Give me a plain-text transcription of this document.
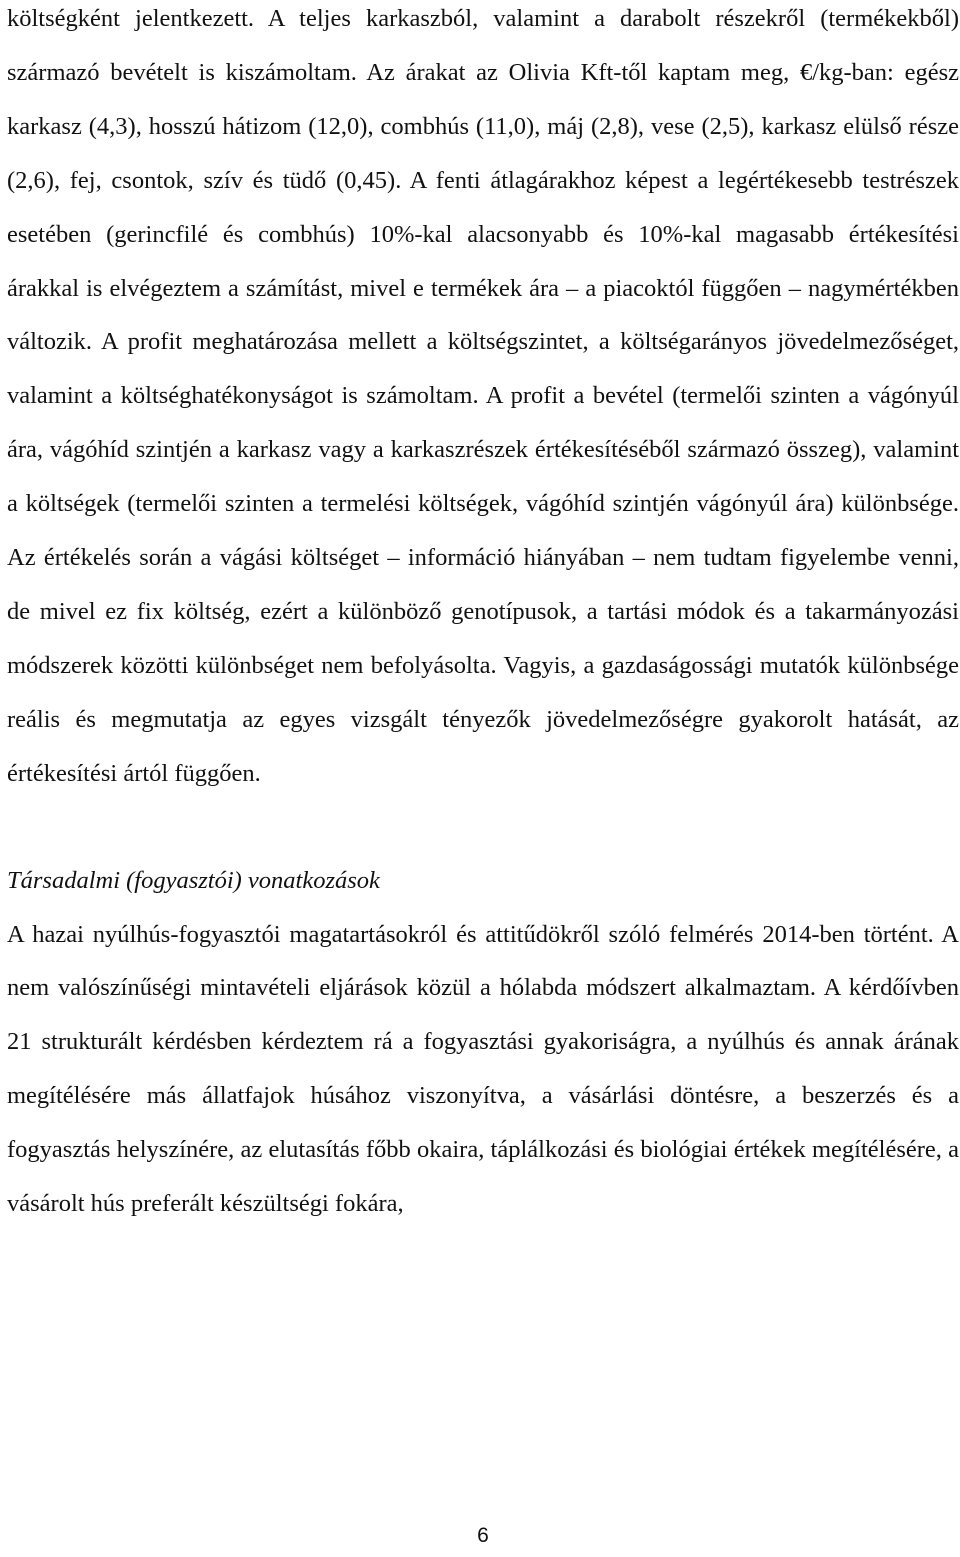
költségként jelentkezett. A teljes karkaszból, valamint a darabolt részekről (termékekből) származó bevételt is kiszámoltam. Az árakat az Olivia Kft-től kaptam meg, €/kg-ban: egész karkasz (4,3), hosszú hátizom (12,0), combhús (11,0), máj (2,8), vese (2,5), karkasz elülső része (2,6), fej, csontok, szív és tüdő (0,45). A fenti átlagárakhoz képest a legértékesebb testrészek esetében (gerincfilé és combhús) 10%-kal alacsonyabb és 10%-kal magasabb értékesítési árakkal is elvégeztem a számítást, mivel e termékek ára – a piacoktól függően – nagymértékben változik. A profit meghatározása mellett a költségszintet, a költségarányos jövedelmezőséget, valamint a költséghatékonyságot is számoltam. A profit a bevétel (termelői szinten a vágónyúl ára, vágóhíd szintjén a karkasz vagy a karkaszrészek értékesítéséből származó összeg), valamint a költségek (termelői szinten a termelési költségek, vágóhíd szintjén vágónyúl ára) különbsége. Az értékelés során a vágási költséget – információ hiányában – nem tudtam figyelembe venni, de mivel ez fix költség, ezért a különböző genotípusok, a tartási módok és a takarmányozási módszerek közötti különbséget nem befolyásolta. Vagyis, a gazdaságossági mutatók különbsége reális és megmutatja az egyes vizsgált tényezők jövedelmezőségre gyakorolt hatását, az értékesítési ártól függően.

Társadalmi (fogyasztói) vonatkozások

A hazai nyúlhús-fogyasztói magatartásokról és attitűdökről szóló felmérés 2014-ben történt. A nem valószínűségi mintavételi eljárások közül a hólabda módszert alkalmaztam. A kérdőívben 21 strukturált kérdésben kérdeztem rá a fogyasztási gyakoriságra, a nyúlhús és annak árának megítélésére más állatfajok húsához viszonyítva, a vásárlási döntésre, a beszerzés és a fogyasztás helyszínére, az elutasítás főbb okaira, táplálkozási és biológiai értékek megítélésére, a vásárolt hús preferált készültségi fokára,

6
